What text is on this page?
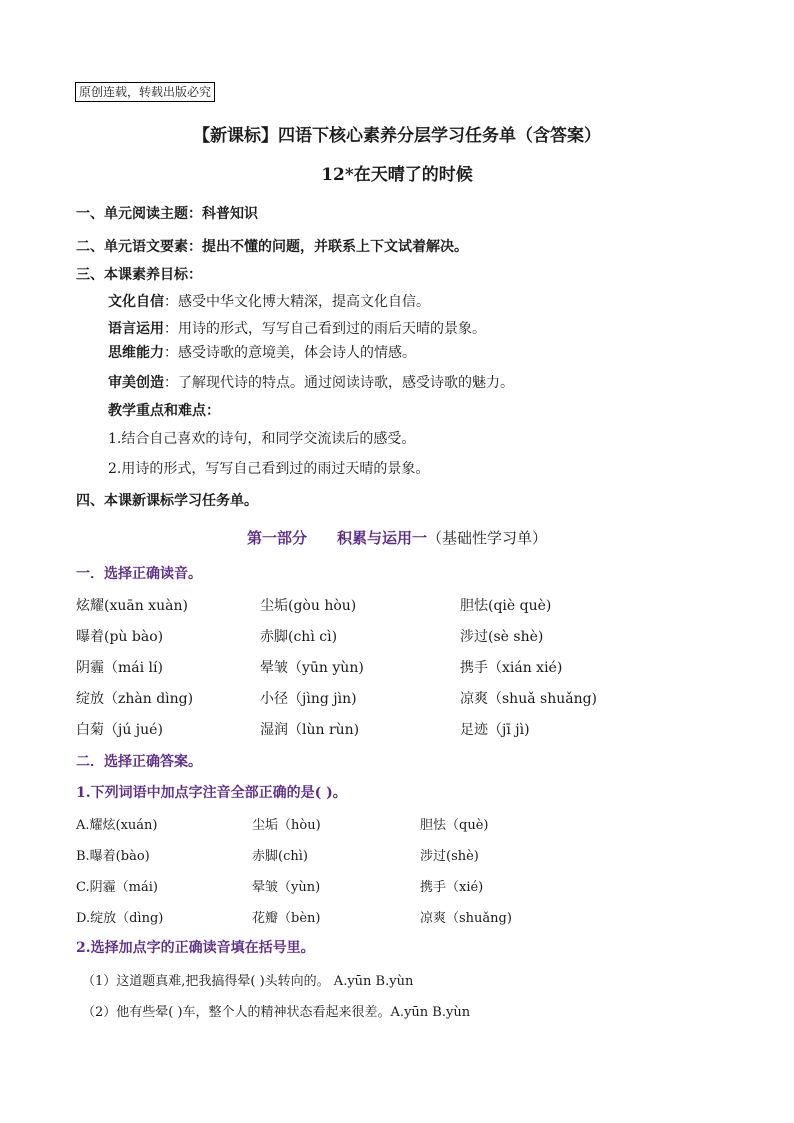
原创连载，转载出版必究
【新课标】四语下核心素养分层学习任务单（含答案）
12*在天晴了的时候
一、单元阅读主题：科普知识
二、单元语文要素：提出不懂的问题，并联系上下文试着解决。
三、本课素养目标：
文化自信：感受中华文化博大精深，提高文化自信。
语言运用：用诗的形式，写写自己看到过的雨后天晴的景象。
思维能力：感受诗歌的意境美，体会诗人的情感。
审美创造：了解现代诗的特点。通过阅读诗歌，感受诗歌的魅力。
教学重点和难点：
1.结合自己喜欢的诗句，和同学交流读后的感受。
2.用诗的形式，写写自己看到过的雨过天晴的景象。
四、本课新课标学习任务单。
第一部分 积累与运用一（基础性学习单）
一．选择正确读音。
炫耀(xuān xuàn)	尘垢(gòu hòu)	胆怯(qiè què)
曝着(pù bào)	赤脚(chì cì)	涉过(sè shè)
阴霾（mái lí)	晕皱（yūn yùn)	携手（xián xié)
绽放（zhàn dìng)	小径（jìng jìn)	凉爽（shuǎ shuǎng)
白菊（jú jué)	湿润（lùn rùn)	足迹（jī jì)
二．选择正确答案。
1.下列词语中加点字注音全部正确的是( )。
A.耀炫(xuán)	尘垢（hòu)	胆怯（què)
B.曝着(bào)	赤脚(chì)	涉过(shè)
C.阴霾（mái)	晕皱（yùn)	携手（xié)
D.绽放（dìng)	花瓣（bèn)	凉爽（shuǎng)
2.选择加点字的正确读音填在括号里。
（1）这道题真难,把我搞得晕( )头转向的。 A.yūn B.yùn
（2）他有些晕( )车，整个人的精神状态看起来很差。A.yūn B.yùn
